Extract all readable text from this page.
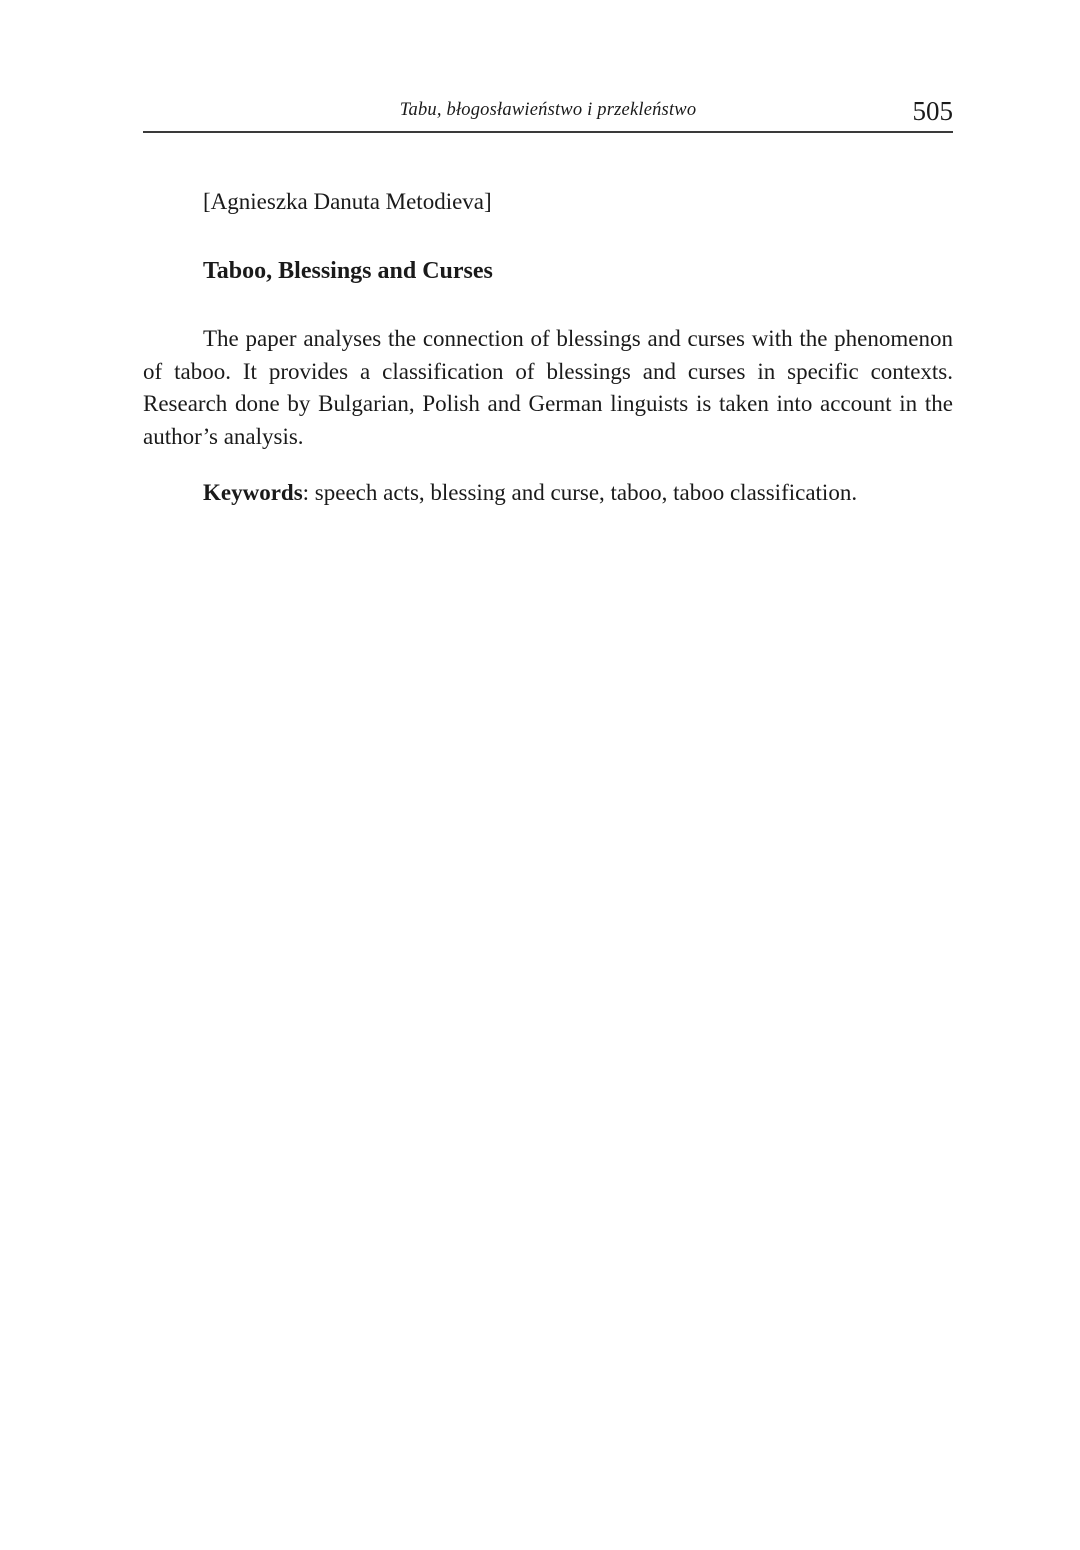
Tabu, błogosławieństwo i przekleństwo	505
[Agnieszka Danuta Metodieva]
Taboo, Blessings and Curses

The paper analyses the connection of blessings and curses with the phenomenon of taboo. It provides a classification of blessings and curses in specific contexts. Research done by Bulgarian, Polish and German linguists is taken into account in the author’s analysis.

Keywords: speech acts, blessing and curse, taboo, taboo classification.
